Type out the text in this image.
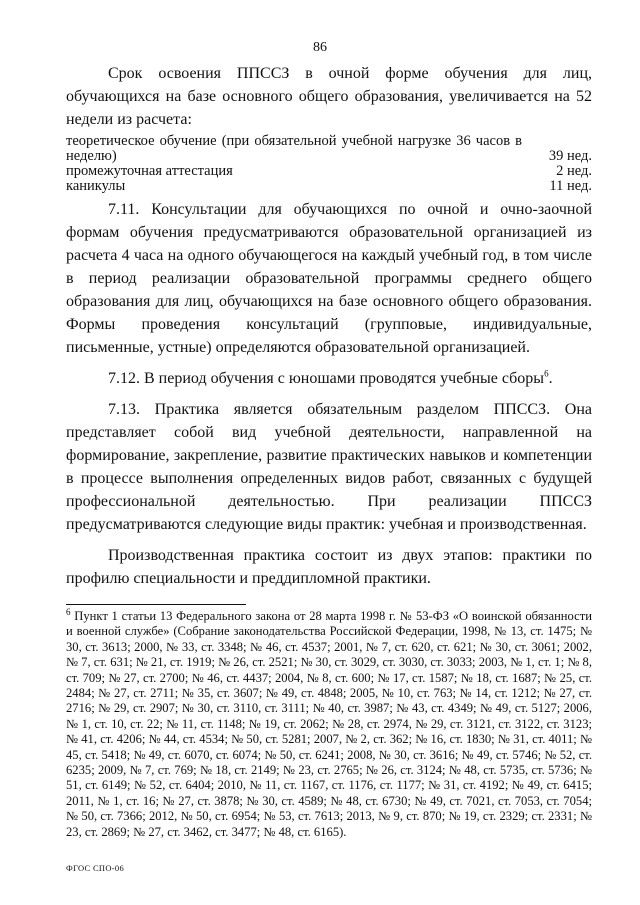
86

Срок освоения ППССЗ в очной форме обучения для лиц, обучающихся на базе основного общего образования, увеличивается на 52 недели из расчета:

теоретическое обучение (при обязательной учебной нагрузке 36 часов в неделю)	39 нед.
промежуточная аттестация	2 нед.
каникулы	11 нед.

7.11. Консультации для обучающихся по очной и очно-заочной формам обучения предусматриваются образовательной организацией из расчета 4 часа на одного обучающегося на каждый учебный год, в том числе в период реализации образовательной программы среднего общего образования для лиц, обучающихся на базе основного общего образования. Формы проведения консультаций (групповые, индивидуальные, письменные, устные) определяются образовательной организацией.

7.12. В период обучения с юношами проводятся учебные сборы$^6$.

7.13. Практика является обязательным разделом ППССЗ. Она представляет собой вид учебной деятельности, направленной на формирование, закрепление, развитие практических навыков и компетенции в процессе выполнения определенных видов работ, связанных с будущей профессиональной деятельностью. При реализации ППССЗ предусматриваются следующие виды практик: учебная и производственная.

Производственная практика состоит из двух этапов: практики по профилю специальности и преддипломной практики.

$^6$ Пункт 1 статьи 13 Федерального закона от 28 марта 1998 г. № 53-ФЗ «О воинской обязанности и военной службе» (Собрание законодательства Российской Федерации, 1998, № 13, ст. 1475; № 30, ст. 3613; 2000, № 33, ст. 3348; № 46, ст. 4537; 2001, № 7, ст. 620, ст. 621; № 30, ст. 3061; 2002, № 7, ст. 631; № 21, ст. 1919; № 26, ст. 2521; № 30, ст. 3029, ст. 3030, ст. 3033; 2003, № 1, ст. 1; № 8, ст. 709; № 27, ст. 2700; № 46, ст. 4437; 2004, № 8, ст. 600; № 17, ст. 1587; № 18, ст. 1687; № 25, ст. 2484; № 27, ст. 2711; № 35, ст. 3607; № 49, ст. 4848; 2005, № 10, ст. 763; № 14, ст. 1212; № 27, ст. 2716; № 29, ст. 2907; № 30, ст. 3110, ст. 3111; № 40, ст. 3987; № 43, ст. 4349; № 49, ст. 5127; 2006, № 1, ст. 10, ст. 22; № 11, ст. 1148; № 19, ст. 2062; № 28, ст. 2974, № 29, ст. 3121, ст. 3122, ст. 3123; № 41, ст. 4206; № 44, ст. 4534; № 50, ст. 5281; 2007, № 2, ст. 362; № 16, ст. 1830; № 31, ст. 4011; № 45, ст. 5418; № 49, ст. 6070, ст. 6074; № 50, ст. 6241; 2008, № 30, ст. 3616; № 49, ст. 5746; № 52, ст. 6235; 2009, № 7, ст. 769; № 18, ст. 2149; № 23, ст. 2765; № 26, ст. 3124; № 48, ст. 5735, ст. 5736; № 51, ст. 6149; № 52, ст. 6404; 2010, № 11, ст. 1167, ст. 1176, ст. 1177; № 31, ст. 4192; № 49, ст. 6415; 2011, № 1, ст. 16; № 27, ст. 3878; № 30, ст. 4589; № 48, ст. 6730; № 49, ст. 7021, ст. 7053, ст. 7054; № 50, ст. 7366; 2012, № 50, ст. 6954; № 53, ст. 7613; 2013, № 9, ст. 870; № 19, ст. 2329; ст. 2331; № 23, ст. 2869; № 27, ст. 3462, ст. 3477; № 48, ст. 6165).

ФГОС СПО-06
